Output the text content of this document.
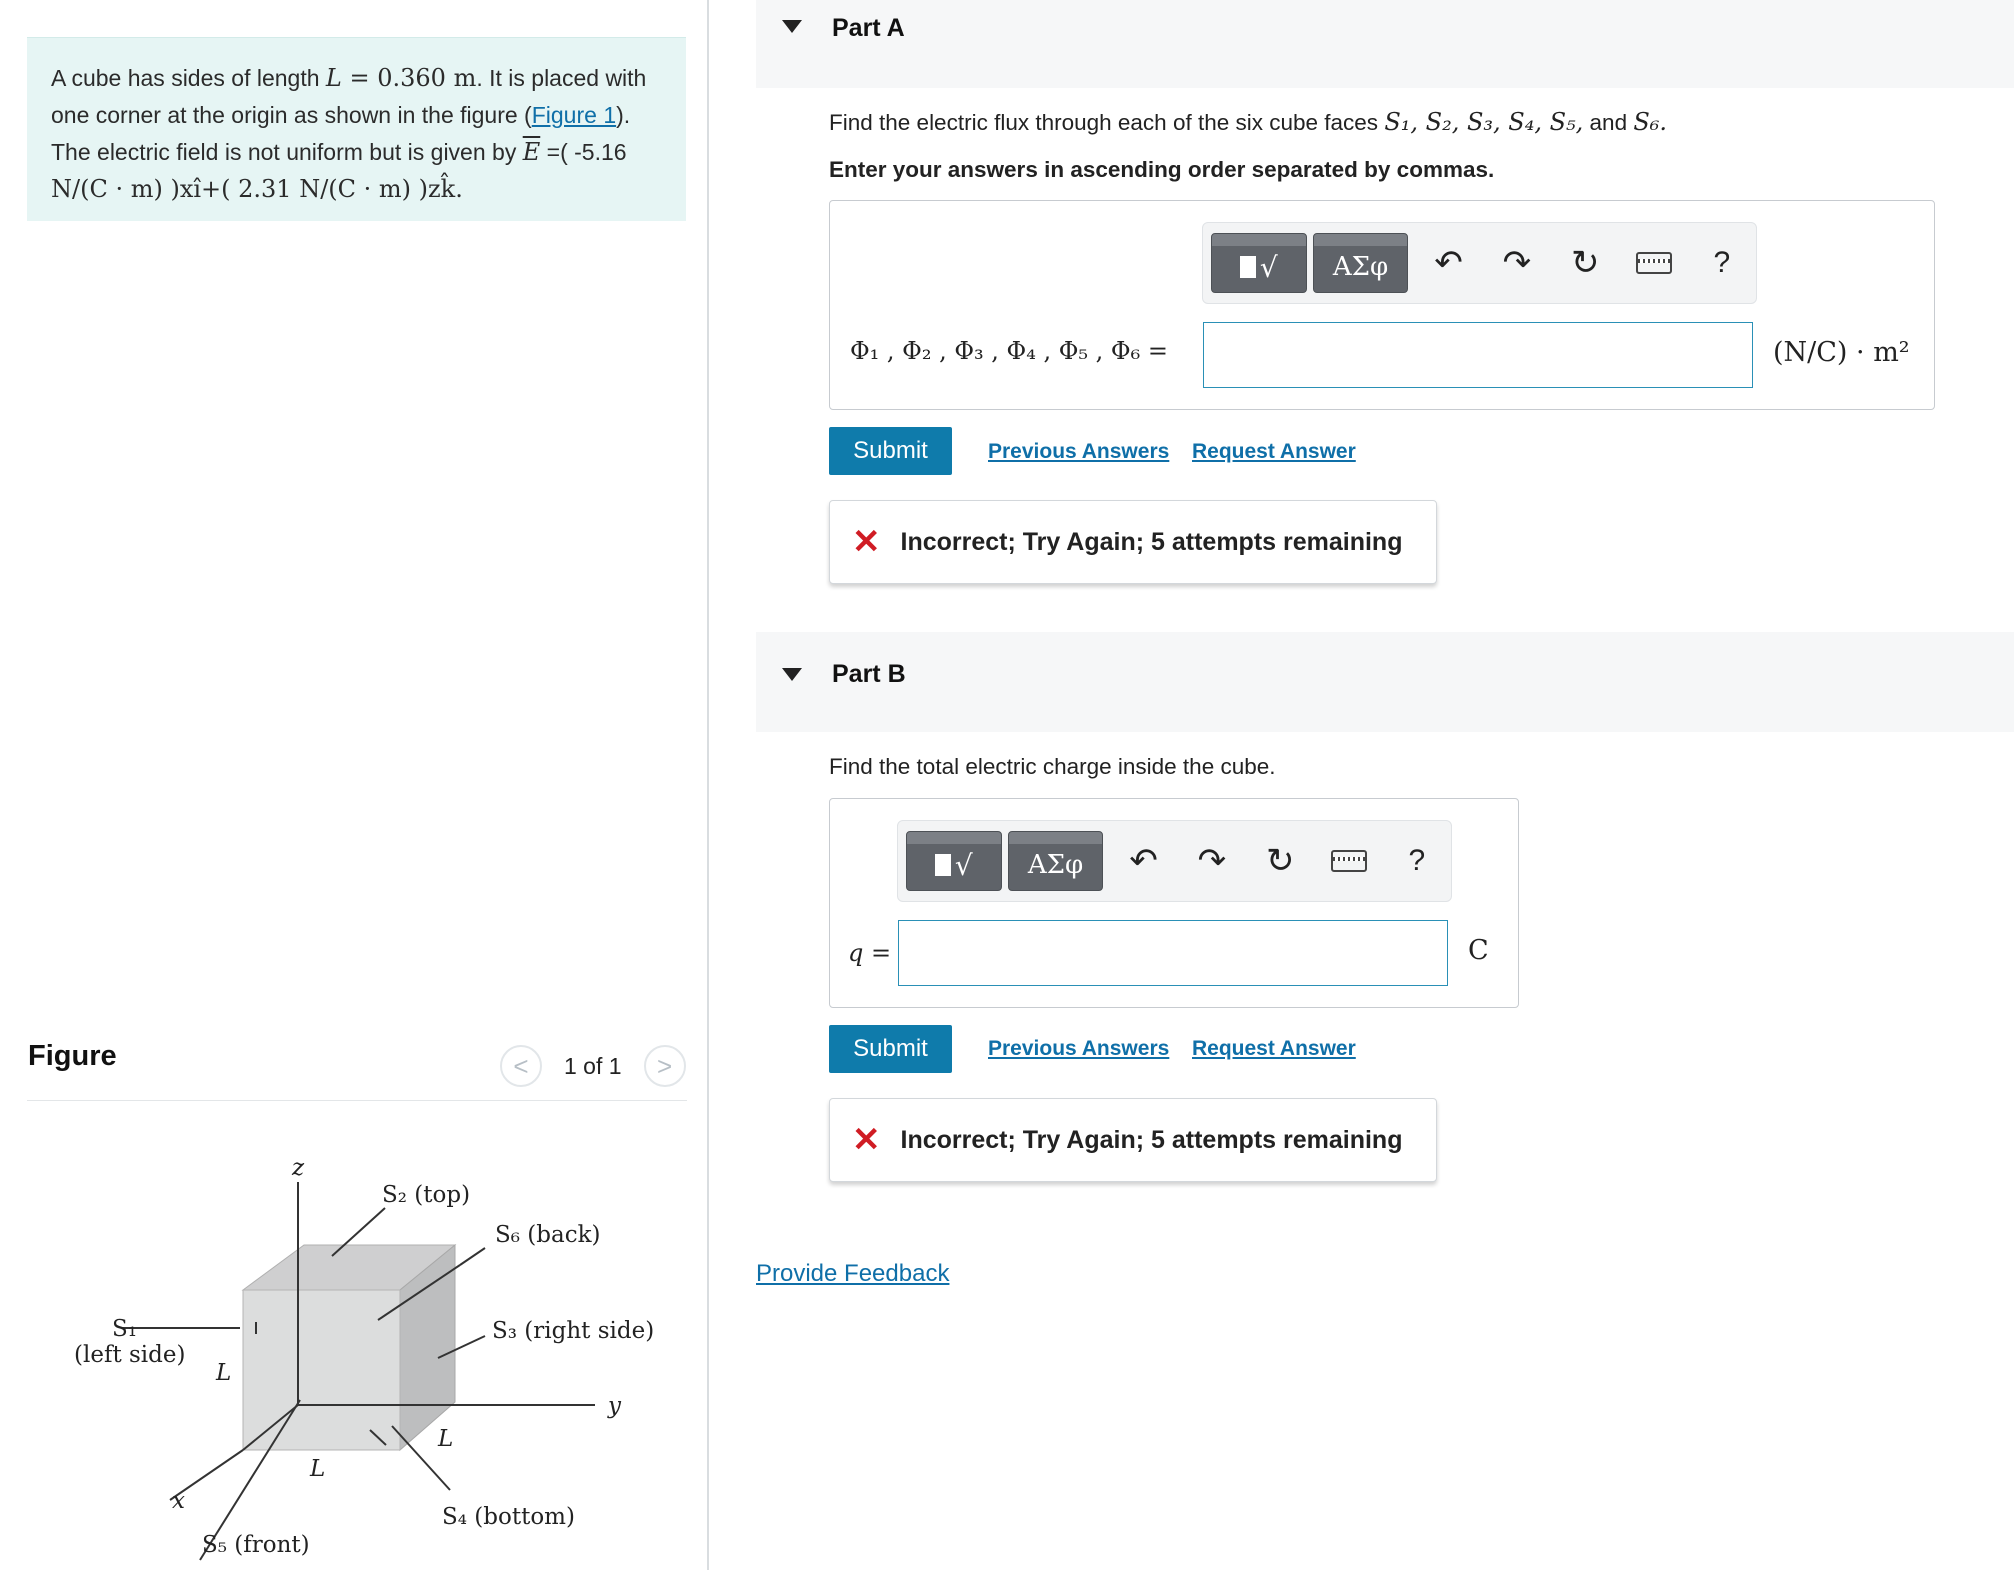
A cube has sides of length L = 0.360 m. It is placed with one corner at the origin as shown in the figure (Figure 1).
The electric field is not uniform but is given by $\overline{E}$ =( -5.16
N/(C · m) )xî+( 2.31 N/(C · m) )zk̂.
Figure	< 1 of 1 >
z
y
x
S₁
(left side)
S₂ (top)
S₆ (back)
S₃ (right side)
S₄ (bottom)
S₅ (front)
L
L
L
Part A
Find the electric flux through each of the six cube faces S₁, S₂, S₃, S₄, S₅, and S₆.
Enter your answers in ascending order separated by commas.
√ ΑΣφ ↶ ↷ ↻	?
Φ₁ , Φ₂ , Φ₃ , Φ₄ , Φ₅ , Φ₆ =	(N/C) · m²
Submit	Previous Answers Request Answer
✕ Incorrect; Try Again; 5 attempts remaining
Part B
Find the total electric charge inside the cube.
√ ΑΣφ ↶ ↷ ↻	?
q =	C
Submit	Previous Answers Request Answer
✕ Incorrect; Try Again; 5 attempts remaining
Provide Feedback
